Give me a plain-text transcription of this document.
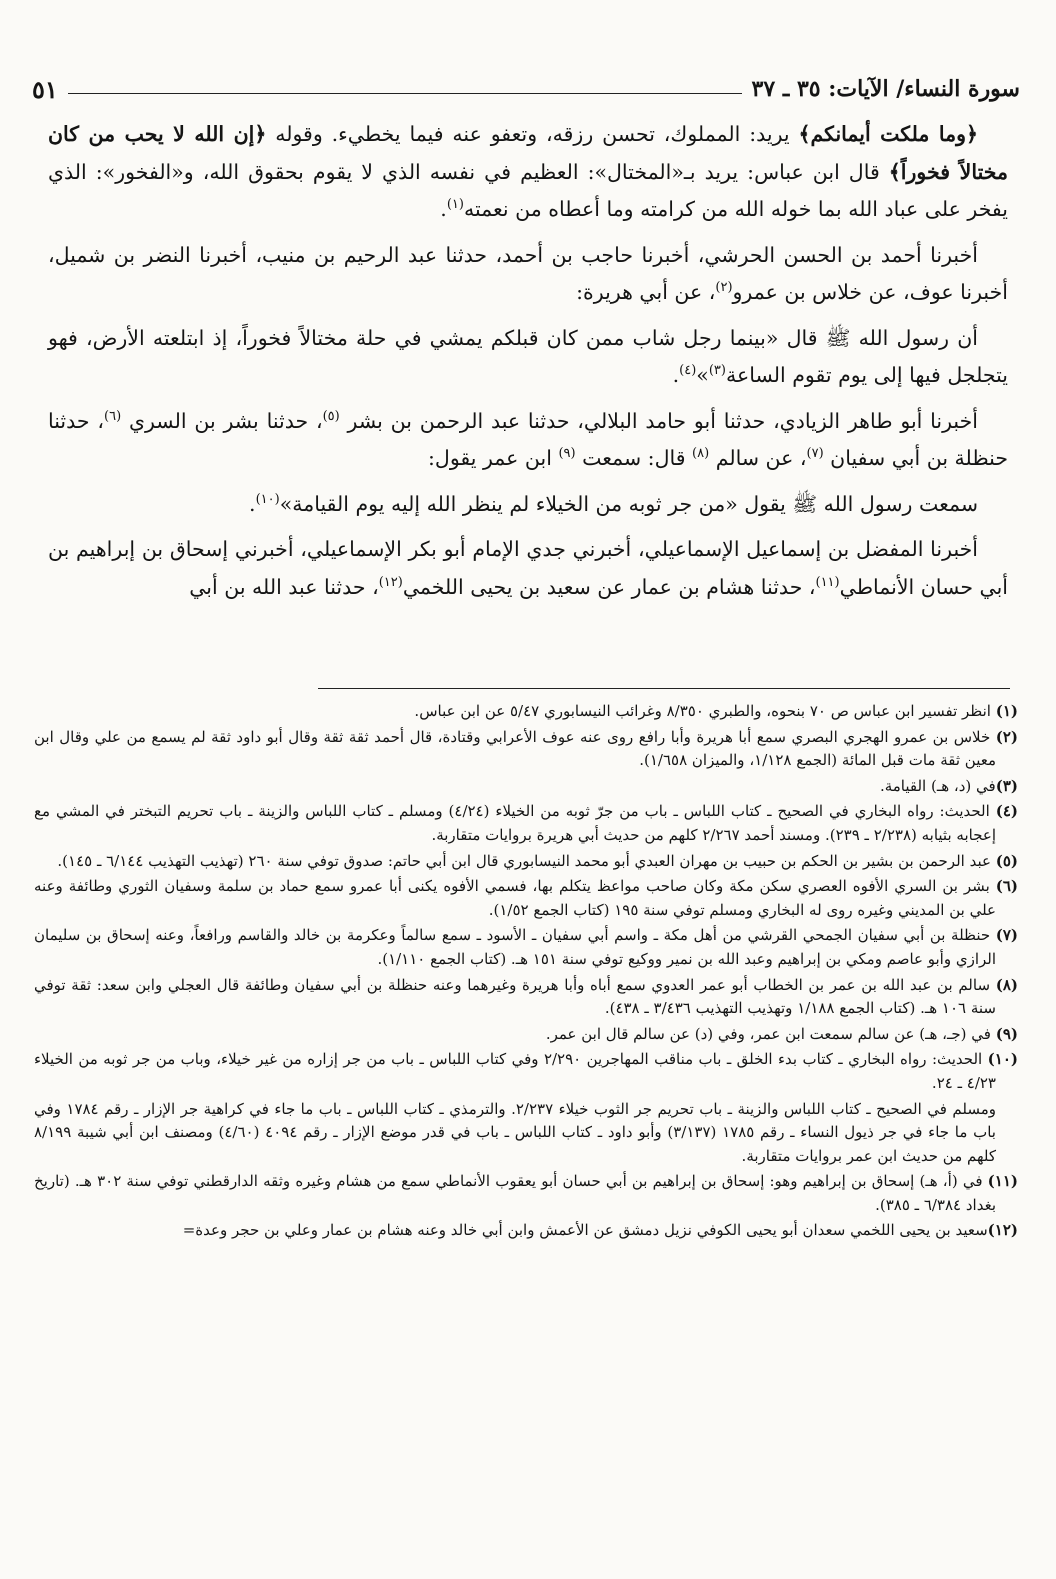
سورة النساء/ الآيات: ٣٥ ـ ٣٧
٥١

﴿وما ملكت أيمانكم﴾ يريد: المملوك، تحسن رزقه، وتعفو عنه فيما يخطيء. وقوله ﴿إن الله لا يحب من كان مختالاً فخوراً﴾ قال ابن عباس: يريد بـ«المختال»: العظيم في نفسه الذي لا يقوم بحقوق الله، و«الفخور»: الذي يفخر على عباد الله بما خوله الله من كرامته وما أعطاه من نعمته$^{(١)}$.

أخبرنا أحمد بن الحسن الحرشي، أخبرنا حاجب بن أحمد، حدثنا عبد الرحيم بن منيب، أخبرنا النضر بن شميل، أخبرنا عوف، عن خلاس بن عمرو$^{(٢)}$، عن أبي هريرة:

أن رسول الله ﷺ قال «بينما رجل شاب ممن كان قبلكم يمشي في حلة مختالاً فخوراً، إذ ابتلعته الأرض، فهو يتجلجل فيها إلى يوم تقوم الساعة$^{(٣)}$»$^{(٤)}$.

أخبرنا أبو طاهر الزيادي، حدثنا أبو حامد البلالي، حدثنا عبد الرحمن بن بشر $^{(٥)}$، حدثنا بشر بن السري $^{(٦)}$، حدثنا حنظلة بن أبي سفيان $^{(٧)}$، عن سالم $^{(٨)}$ قال: سمعت $^{(٩)}$ ابن عمر يقول:

سمعت رسول الله ﷺ يقول «من جر ثوبه من الخيلاء لم ينظر الله إليه يوم القيامة»$^{(١٠)}$.

أخبرنا المفضل بن إسماعيل الإسماعيلي، أخبرني جدي الإمام أبو بكر الإسماعيلي، أخبرني إسحاق بن إبراهيم بن أبي حسان الأنماطي$^{(١١)}$، حدثنا هشام بن عمار عن سعيد بن يحيى اللخمي$^{(١٢)}$، حدثنا عبد الله بن أبي

(١) انظر تفسير ابن عباس ص ٧٠ بنحوه، والطبري ٨/٣٥٠ وغرائب النيسابوري ٥/٤٧ عن ابن عباس.
(٢) خلاس بن عمرو الهجري البصري سمع أبا هريرة وأبا رافع روى عنه عوف الأعرابي وقتادة، قال أحمد ثقة ثقة وقال أبو داود ثقة لم يسمع من علي وقال ابن معين ثقة مات قبل المائة (الجمع ١/١٢٨، والميزان ١/٦٥٨).
(٣)في (د، هـ) القيامة.
(٤) الحديث: رواه البخاري في الصحيح ـ كتاب اللباس ـ باب من جرّ ثوبه من الخيلاء (٤/٢٤) ومسلم ـ كتاب اللباس والزينة ـ باب تحريم التبختر في المشي مع إعجابه بثيابه (٢/٢٣٨ ـ ٢٣٩). ومسند أحمد ٢/٢٦٧ كلهم من حديث أبي هريرة بروايات متقاربة.
(٥) عبد الرحمن بن بشير بن الحكم بن حبيب بن مهران العبدي أبو محمد النيسابوري قال ابن أبي حاتم: صدوق توفي سنة ٢٦٠ (تهذيب التهذيب ٦/١٤٤ ـ ١٤٥).
(٦) بشر بن السري الأفوه العصري سكن مكة وكان صاحب مواعظ يتكلم بها، فسمي الأفوه يكنى أبا عمرو سمع حماد بن سلمة وسفيان الثوري وطائفة وعنه علي بن المديني وغيره روى له البخاري ومسلم توفي سنة ١٩٥ (كتاب الجمع ١/٥٢).
(٧) حنظلة بن أبي سفيان الجمحي القرشي من أهل مكة ـ واسم أبي سفيان ـ الأسود ـ سمع سالماً وعكرمة بن خالد والقاسم ورافعاً، وعنه إسحاق بن سليمان الرازي وأبو عاصم ومكي بن إبراهيم وعبد الله بن نمير ووكيع توفي سنة ١٥١ هـ. (كتاب الجمع ١/١١٠).
(٨) سالم بن عبد الله بن عمر بن الخطاب أبو عمر العدوي سمع أباه وأبا هريرة وغيرهما وعنه حنظلة بن أبي سفيان وطائفة قال العجلي وابن سعد: ثقة توفي سنة ١٠٦ هـ. (كتاب الجمع ١/١٨٨ وتهذيب التهذيب ٣/٤٣٦ ـ ٤٣٨).
(٩) في (جـ، هـ) عن سالم سمعت ابن عمر، وفي (د) عن سالم قال ابن عمر.
(١٠) الحديث: رواه البخاري ـ كتاب بدء الخلق ـ باب مناقب المهاجرين ٢/٢٩٠ وفي كتاب اللباس ـ باب من جر إزاره من غير خيلاء، وباب من جر ثوبه من الخيلاء ٤/٢٣ ـ ٢٤.
ومسلم في الصحيح ـ كتاب اللباس والزينة ـ باب تحريم جر الثوب خيلاء ٢/٢٣٧. والترمذي ـ كتاب اللباس ـ باب ما جاء في كراهية جر الإزار ـ رقم ١٧٨٤ وفي باب ما جاء في جر ذيول النساء ـ رقم ١٧٨٥ (٣/١٣٧) وأبو داود ـ كتاب اللباس ـ باب في قدر موضع الإزار ـ رقم ٤٠٩٤ (٤/٦٠) ومصنف ابن أبي شيبة ٨/١٩٩ كلهم من حديث ابن عمر بروايات متقاربة.
(١١) في (أ، هـ) إسحاق بن إبراهيم وهو: إسحاق بن إبراهيم بن أبي حسان أبو يعقوب الأنماطي سمع من هشام وغيره وثقه الدارقطني توفي سنة ٣٠٢ هـ. (تاريخ بغداد ٦/٣٨٤ ـ ٣٨٥).
(١٢)سعيد بن يحيى اللخمي سعدان أبو يحيى الكوفي نزيل دمشق عن الأعمش وابن أبي خالد وعنه هشام بن عمار وعلي بن حجر وعدة=
